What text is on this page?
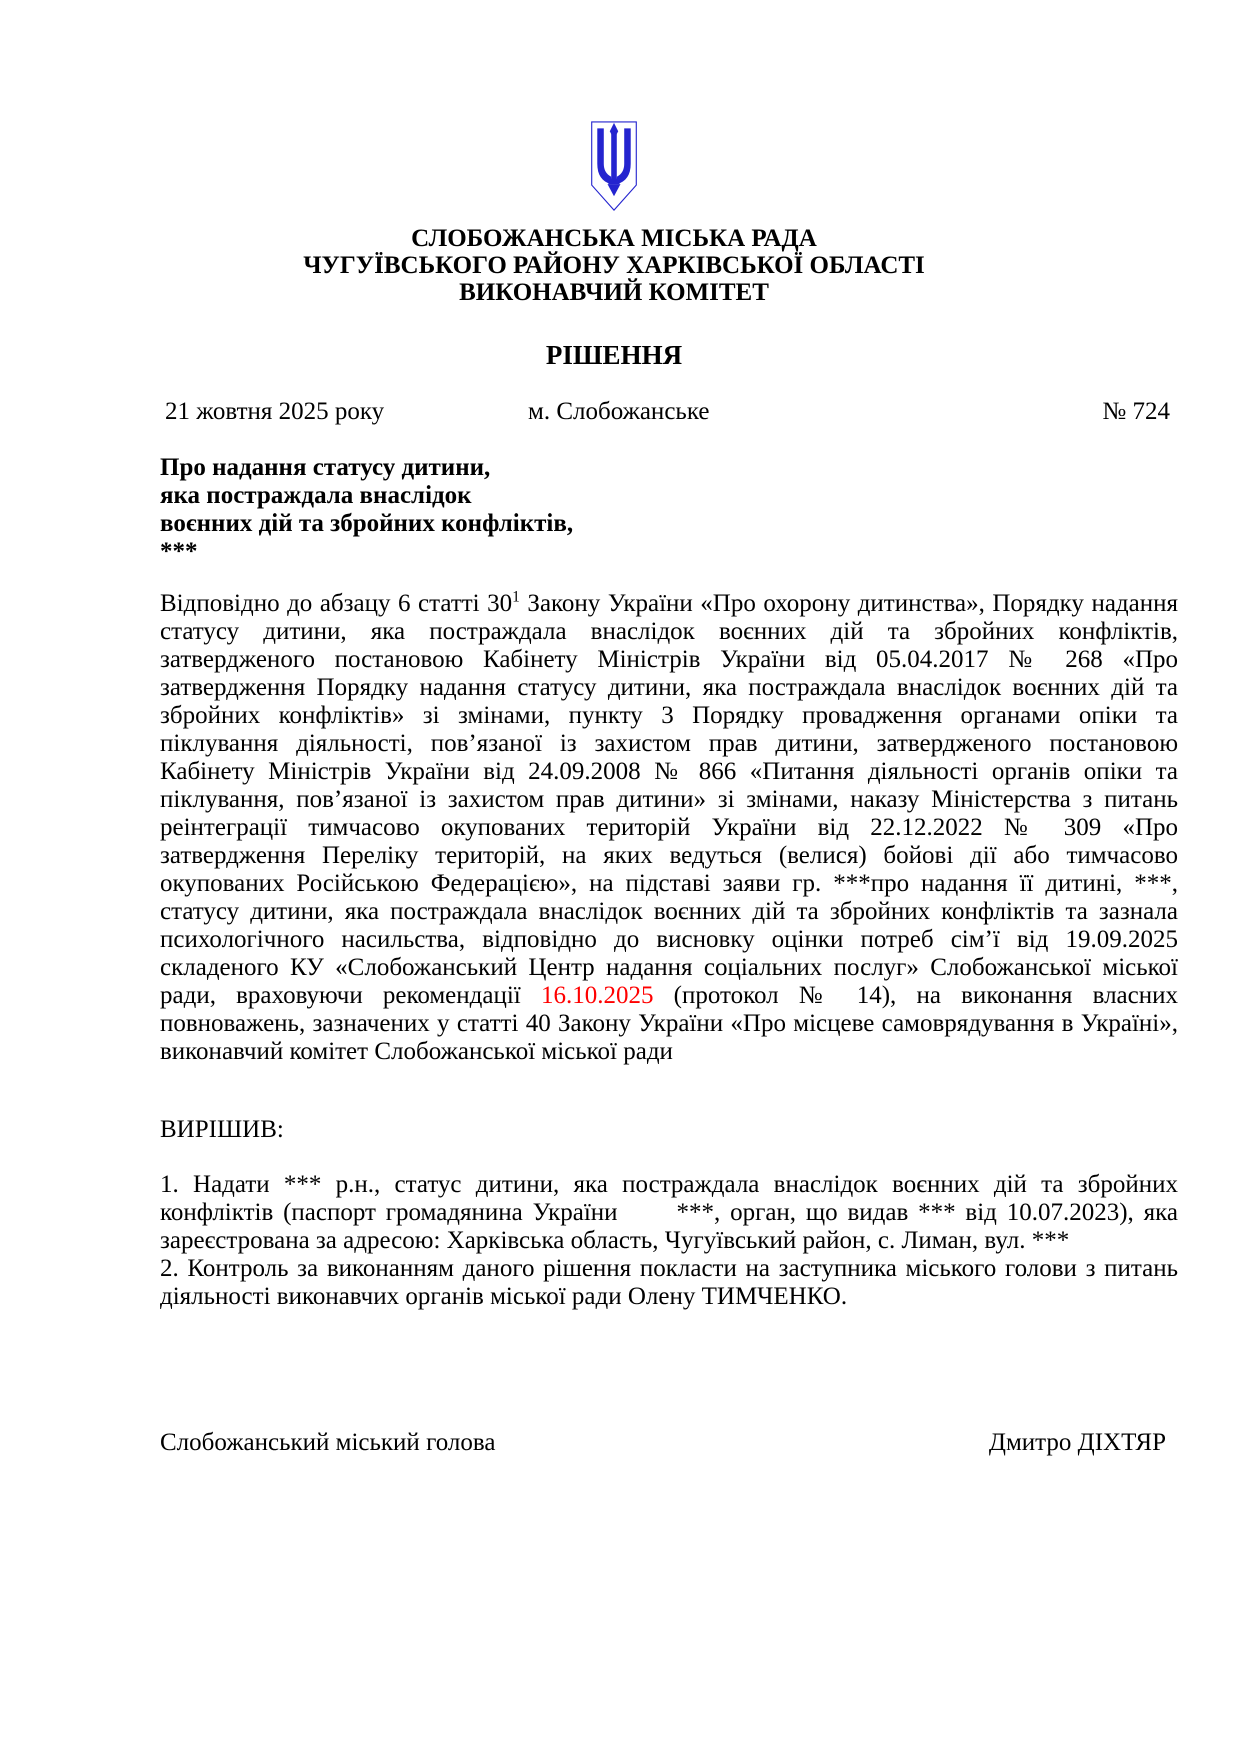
СЛОБОЖАНСЬКА МІСЬКА РАДА
ЧУГУЇВСЬКОГО РАЙОНУ ХАРКІВСЬКОЇ ОБЛАСТІ
ВИКОНАВЧИЙ КОМІТЕТ
РІШЕННЯ
21 жовтня 2025 року	м. Слобожанське	№ 724
Про надання статусу дитини,
яка постраждала внаслідок
воєнних дій та збройних конфліктів,
***

Відповідно до абзацу 6 статті 30$^1$ Закону України «Про охорону дитинства», Порядку надання статусу дитини, яка постраждала внаслідок воєнних дій та збройних конфліктів, затвердженого постановою Кабінету Міністрів України від 05.04.2017 № 268 «Про затвердження Порядку надання статусу дитини, яка постраждала внаслідок воєнних дій та збройних конфліктів» зі змінами, пункту 3 Порядку провадження органами опіки та піклування діяльності, пов’язаної із захистом прав дитини, затвердженого постановою Кабінету Міністрів України від 24.09.2008 № 866 «Питання діяльності органів опіки та піклування, пов’язаної із захистом прав дитини» зі змінами, наказу Міністерства з питань реінтеграції тимчасово окупованих територій України від 22.12.2022 № 309 «Про затвердження Переліку територій, на яких ведуться (велися) бойові дії або тимчасово окупованих Російською Федерацією», на підставі заяви гр. ***про надання її дитині, ***, статусу дитини, яка постраждала внаслідок воєнних дій та збройних конфліктів та зазнала психологічного насильства, відповідно до висновку оцінки потреб сім’ї від 19.09.2025 складеного КУ «Слобожанський Центр надання соціальних послуг» Слобожанської міської ради, враховуючи рекомендації 16.10.2025 (протокол № 14), на виконання власних повноважень, зазначених у статті 40 Закону України «Про місцеве самоврядування в Україні», виконавчий комітет Слобожанської міської ради

ВИРІШИВ:

1. Надати *** р.н., статус дитини, яка постраждала внаслідок воєнних дій та збройних конфліктів (паспорт громадянина України      ***, орган, що видав *** від 10.07.2023), яка зареєстрована за адресою: Харківська область, Чугуївський район, с. Лиман, вул. ***

2. Контроль за виконанням даного рішення покласти на заступника міського голови з питань діяльності виконавчих органів міської ради Олену ТИМЧЕНКО.

Слобожанський міський голова	Дмитро ДІХТЯР
